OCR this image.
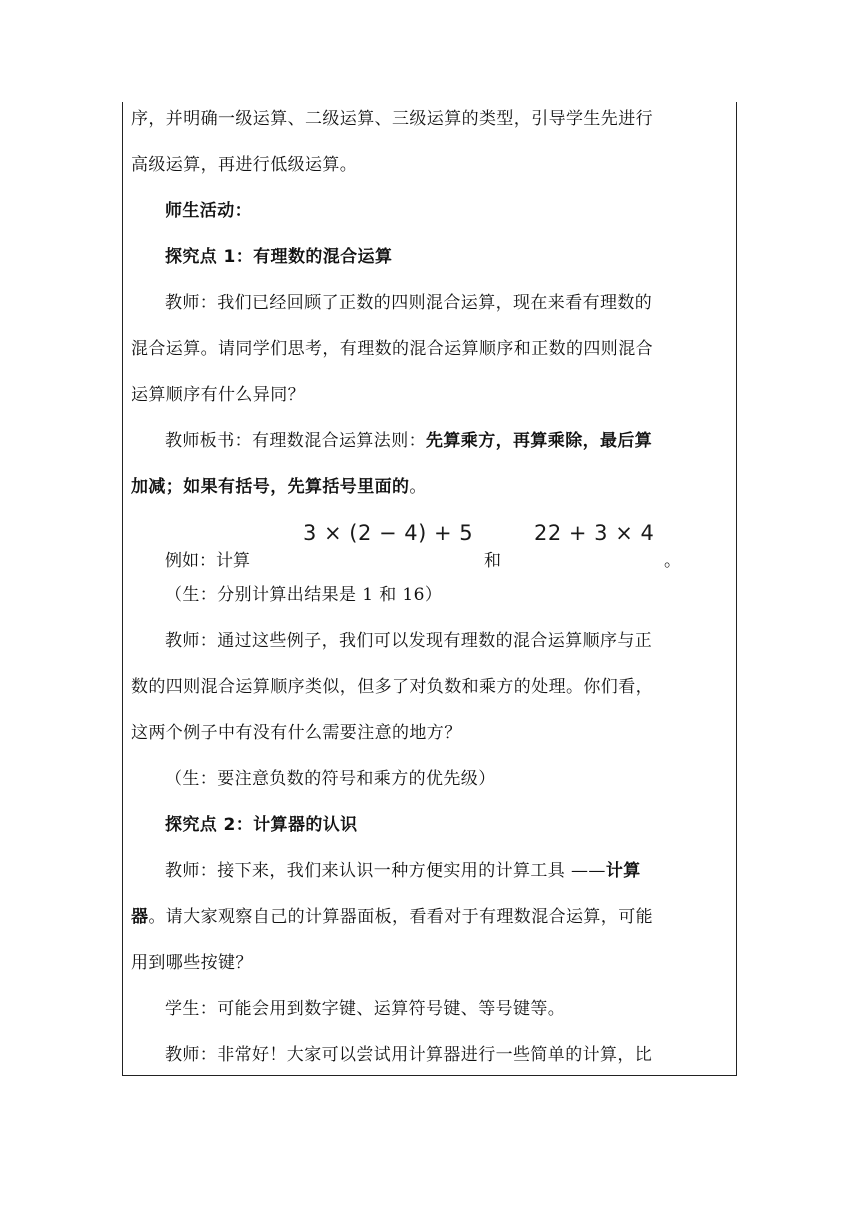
序，并明确一级运算、二级运算、三级运算的类型，引导学生先进行
高级运算，再进行低级运算。
师生活动：
探究点 1：有理数的混合运算
教师：我们已经回顾了正数的四则混合运算，现在来看有理数的
混合运算。请同学们思考，有理数的混合运算顺序和正数的四则混合
运算顺序有什么异同？
教师板书：有理数混合运算法则：先算乘方，再算乘除，最后算
加减；如果有括号，先算括号里面的。
例如：计算
3 × (2 − 4) + 5
和
22 + 3 × 4
。
（生：分别计算出结果是 1 和 16）
教师：通过这些例子，我们可以发现有理数的混合运算顺序与正
数的四则混合运算顺序类似，但多了对负数和乘方的处理。你们看，
这两个例子中有没有什么需要注意的地方？
（生：要注意负数的符号和乘方的优先级）
探究点 2：计算器的认识
教师：接下来，我们来认识一种方便实用的计算工具 ——计算
器。请大家观察自己的计算器面板，看看对于有理数混合运算，可能
用到哪些按键？
学生：可能会用到数字键、运算符号键、等号键等。
教师：非常好！大家可以尝试用计算器进行一些简单的计算，比
